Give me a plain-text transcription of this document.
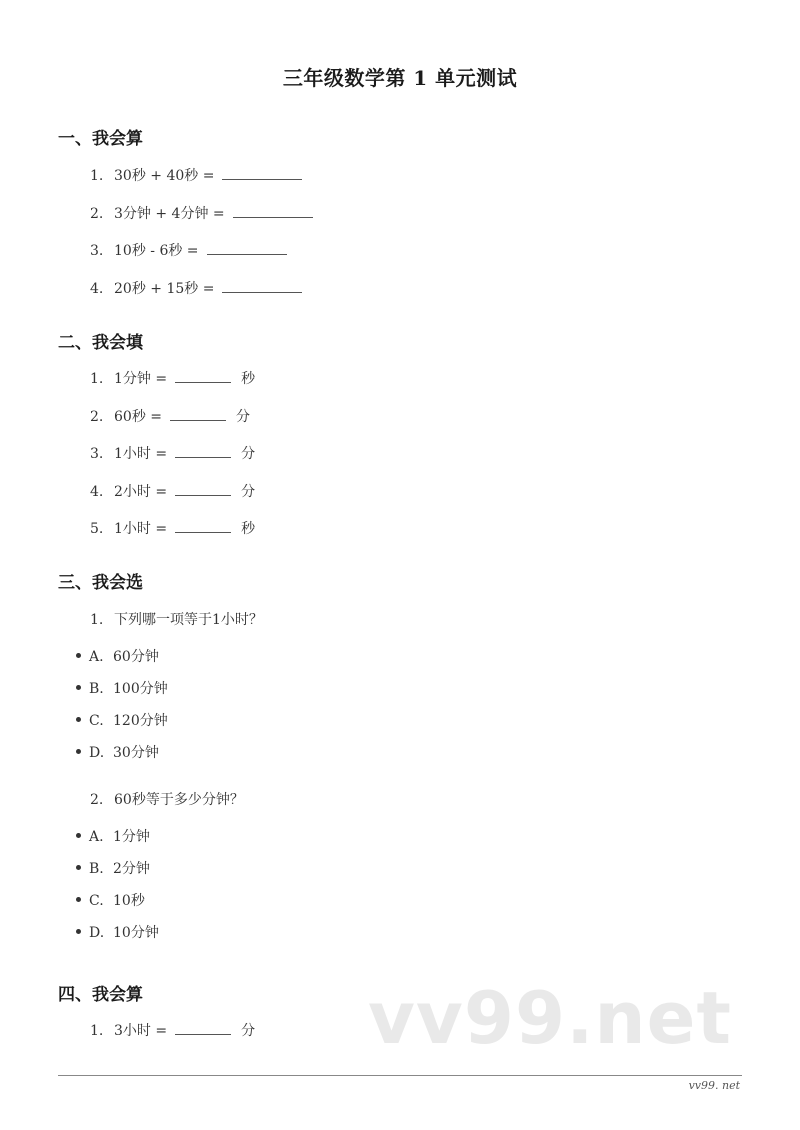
三年级数学第 1 单元测试
一、我会算
1. 30秒 + 40秒 =
2. 3分钟 + 4分钟 =
3. 10秒 - 6秒 =
4. 20秒 + 15秒 =
二、我会填
1. 1分钟 =	秒
2. 60秒 =	分
3. 1小时 =	分
4. 2小时 =	分
5. 1小时 =	秒
三、我会选
1. 下列哪一项等于1小时？
A. 60分钟
B. 100分钟
C. 120分钟
D. 30分钟
2. 60秒等于多少分钟？
A. 1分钟
B. 2分钟
C. 10秒
D. 10分钟
四、我会算
1. 3小时 =	分 vv99.net
vv99. net
